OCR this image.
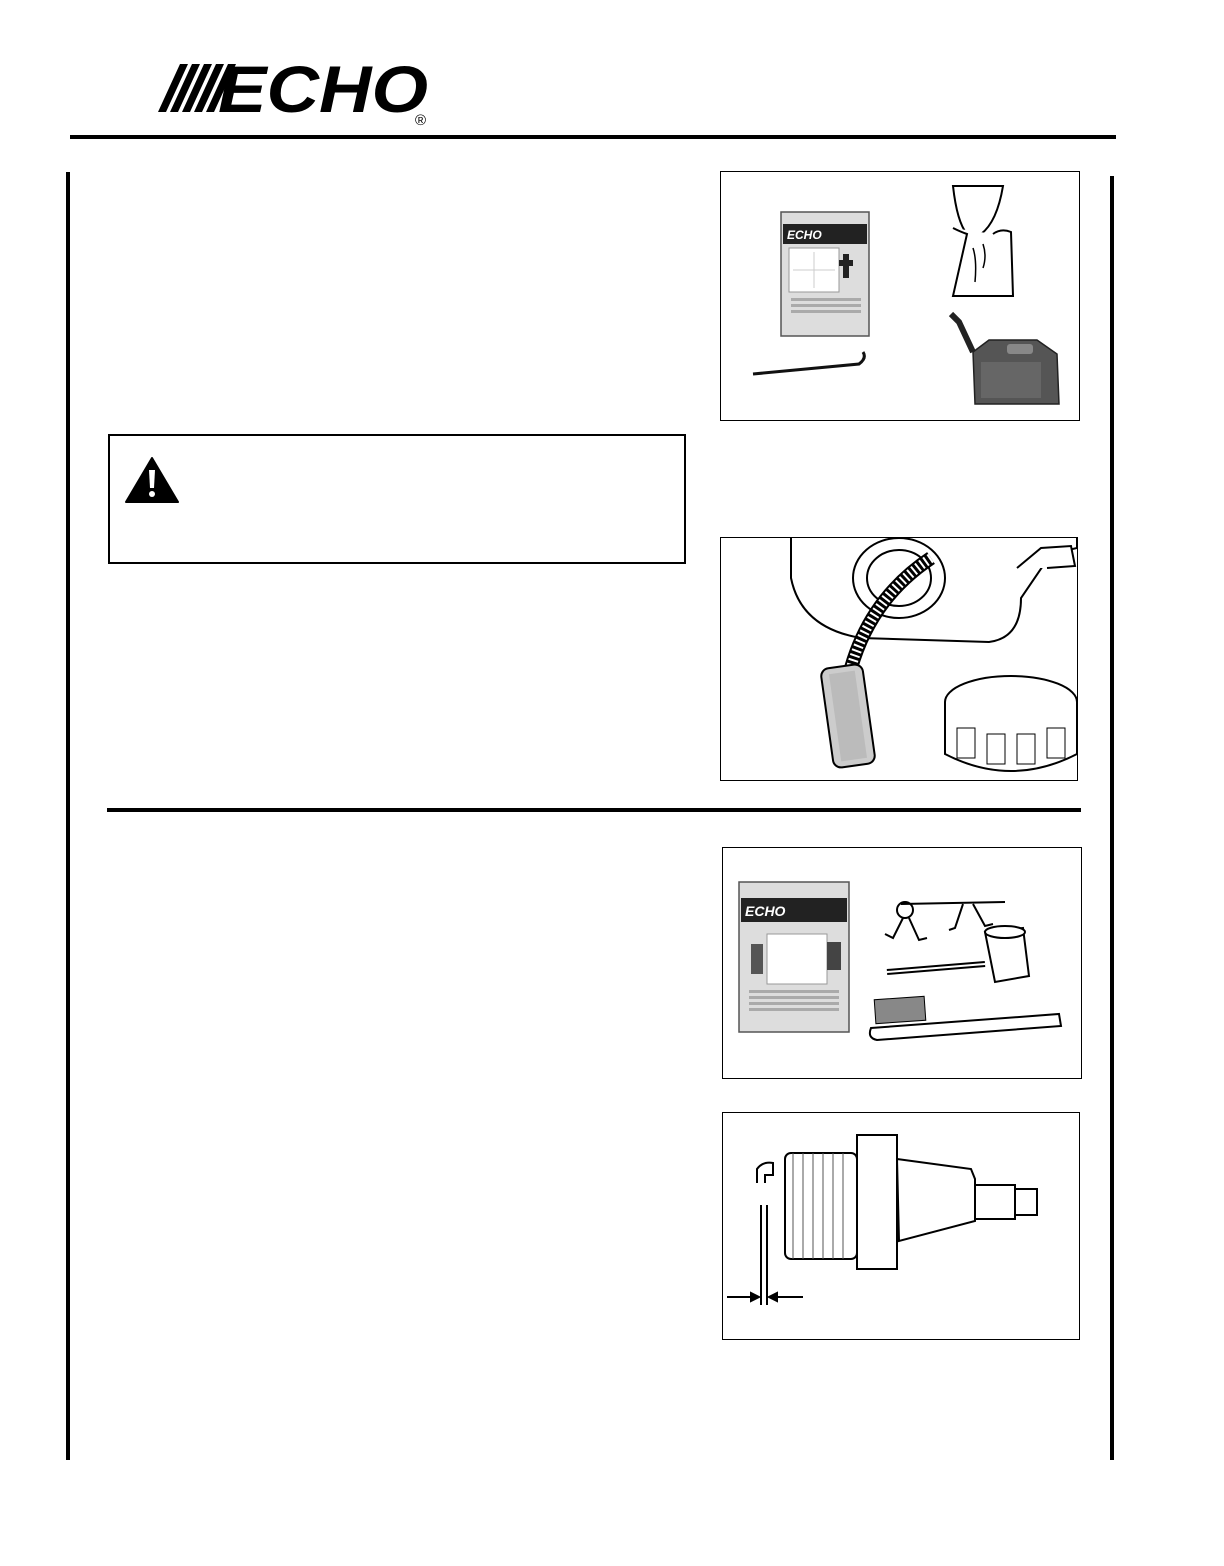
ECHO
®
ECHO
ECHO
